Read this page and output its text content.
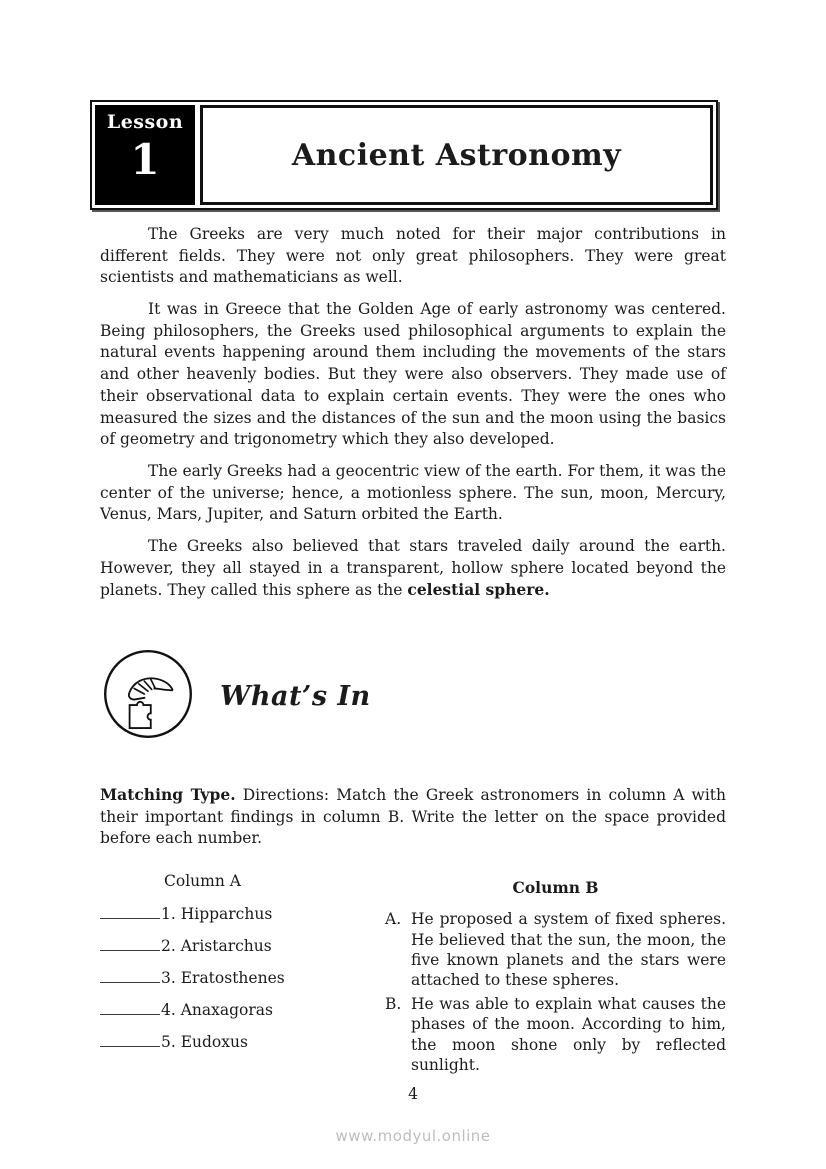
Lesson
1	Ancient Astronomy

The Greeks are very much noted for their major contributions in different fields. They were not only great philosophers. They were great scientists and mathematicians as well.

It was in Greece that the Golden Age of early astronomy was centered. Being philosophers, the Greeks used philosophical arguments to explain the natural events happening around them including the movements of the stars and other heavenly bodies. But they were also observers. They made use of their observational data to explain certain events. They were the ones who measured the sizes and the distances of the sun and the moon using the basics of geometry and trigonometry which they also developed.

The early Greeks had a geocentric view of the earth. For them, it was the center of the universe; hence, a motionless sphere. The sun, moon, Mercury, Venus, Mars, Jupiter, and Saturn orbited the Earth.

The Greeks also believed that stars traveled daily around the earth. However, they all stayed in a transparent, hollow sphere located beyond the planets. They called this sphere as the celestial sphere.

What’s In

Matching Type. Directions: Match the Greek astronomers in column A with their important findings in column B. Write the letter on the space provided before each number.

Column A
1. Hipparchus
2. Aristarchus
3. Eratosthenes
4. Anaxagoras
5. Eudoxus
Column B
A. He proposed a system of fixed spheres. He believed that the sun, the moon, the five known planets and the stars were attached to these spheres.
B. He was able to explain what causes the phases of the moon. According to him, the moon shone only by reflected sunlight.
4
www.modyul.online
